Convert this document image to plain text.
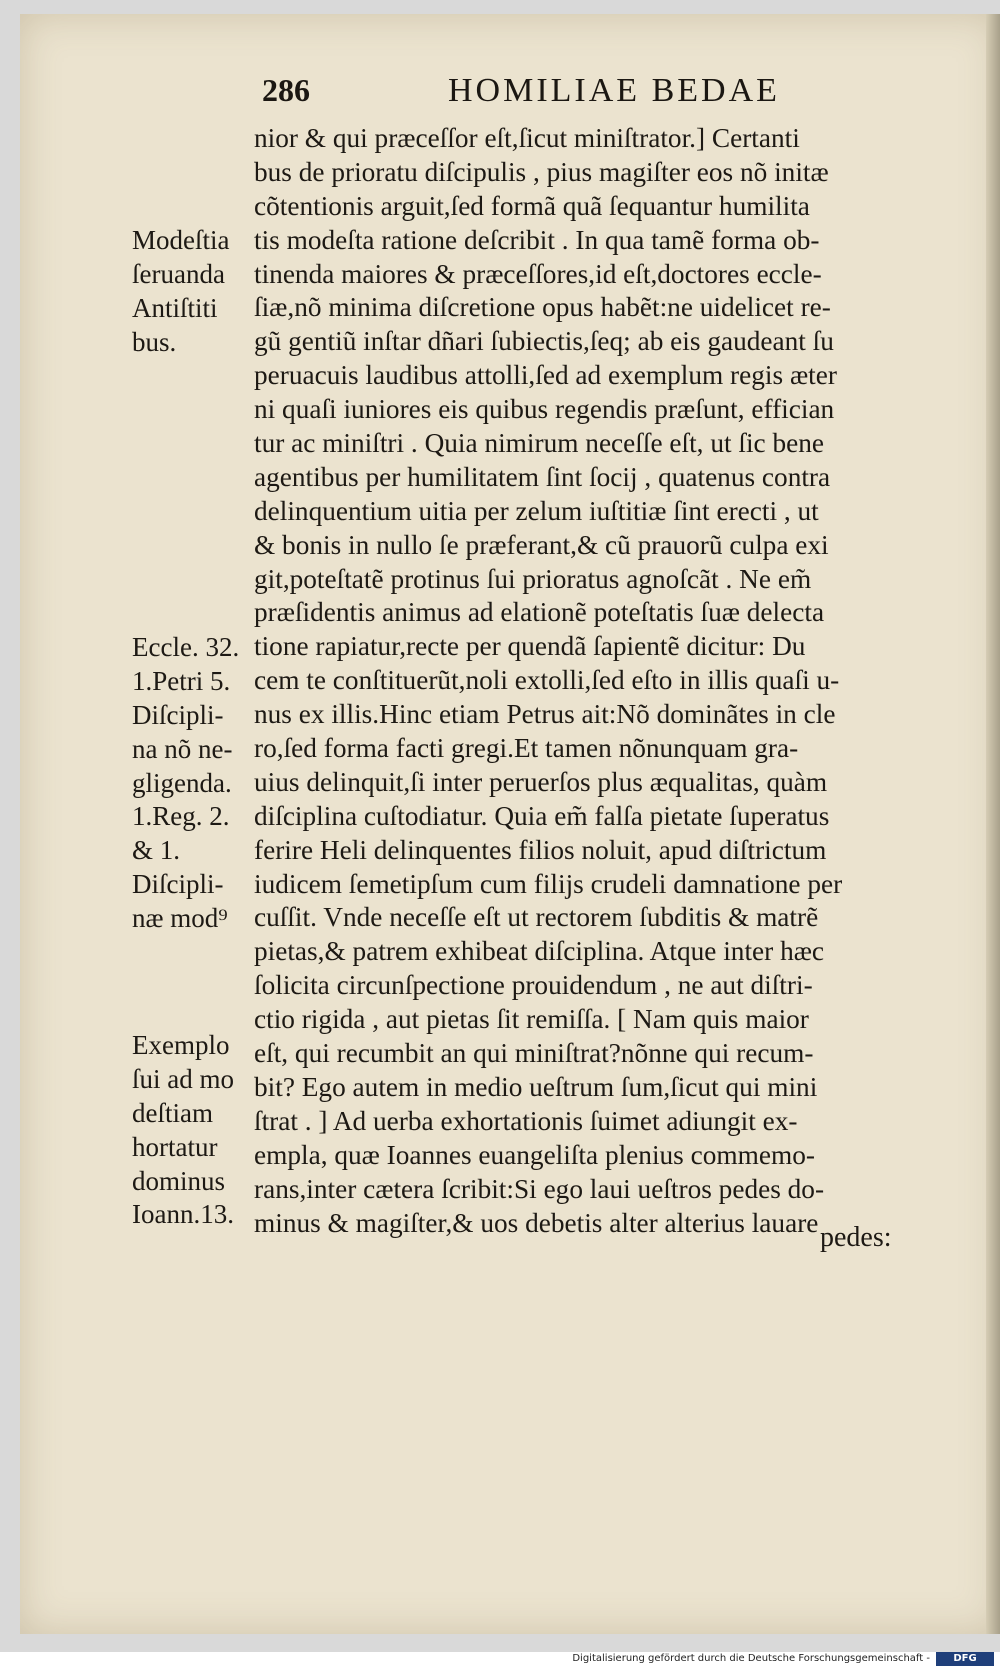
286	HOMILIAE BEDAE
nior & qui præceſſor eſt,ſicut miniſtrator.] Certanti
bus de prioratu diſcipulis , pius magiſter eos nõ initæ
cõtentionis arguit,ſed formã quã ſequantur humilita
tis modeſta ratione deſcribit . In qua tamẽ forma ob-
tinenda maiores & præceſſores,id eſt,doctores eccle-
ſiæ,nõ minima diſcretione opus habẽt:ne uidelicet re-
gũ gentiũ inſtar dñari ſubiectis,ſeq; ab eis gaudeant ſu
peruacuis laudibus attolli,ſed ad exemplum regis æter
ni quaſi iuniores eis quibus regendis præſunt, effician
tur ac miniſtri . Quia nimirum neceſſe eſt, ut ſic bene
agentibus per humilitatem ſint ſocij , quatenus contra
delinquentium uitia per zelum iuſtitiæ ſint erecti , ut
& bonis in nullo ſe præferant,& cũ prauorũ culpa exi
git,poteſtatẽ protinus ſui prioratus agnoſcãt . Ne em̃
præſidentis animus ad elationẽ poteſtatis ſuæ delecta
tione rapiatur,recte per quendã ſapientẽ dicitur: Du
cem te conſtituerũt,noli extolli,ſed eſto in illis quaſi u-
nus ex illis.Hinc etiam Petrus ait:Nõ dominãtes in cle
ro,ſed forma facti gregi.Et tamen nõnunquam gra-
uius delinquit,ſi inter peruerſos plus æqualitas, quàm
diſciplina cuſtodiatur. Quia em̃ falſa pietate ſuperatus
ferire Heli delinquentes filios noluit, apud diſtrictum
iudicem ſemetipſum cum filijs crudeli damnatione per
cuſſit. Vnde neceſſe eſt ut rectorem ſubditis & matrẽ
pietas,& patrem exhibeat diſciplina. Atque inter hæc
ſolicita circunſpectione prouidendum , ne aut diſtri-
ctio rigida , aut pietas ſit remiſſa. [ Nam quis maior
eſt, qui recumbit an qui miniſtrat?nõnne qui recum-
bit? Ego autem in medio ueſtrum ſum,ſicut qui mini
ſtrat . ] Ad uerba exhortationis ſuimet adiungit ex-
empla, quæ Ioannes euangeliſta plenius commemo-
rans,inter cætera ſcribit:Si ego laui ueſtros pedes do-
minus & magiſter,& uos debetis alter alterius lauare pedes:
Modeſtia
ſeruanda
Antiſtiti
bus.
Eccle. 32.
1.Petri 5.
Diſcipli-
na nõ ne-
gligenda.
1.Reg. 2.
& 1.
Diſcipli-
næ mod⁹
Exemplo
ſui ad mo
deſtiam
hortatur
dominus
Ioann.13.
Digitalisierung gefördert durch die Deutsche Forschungsgemeinschaft -	DFG
